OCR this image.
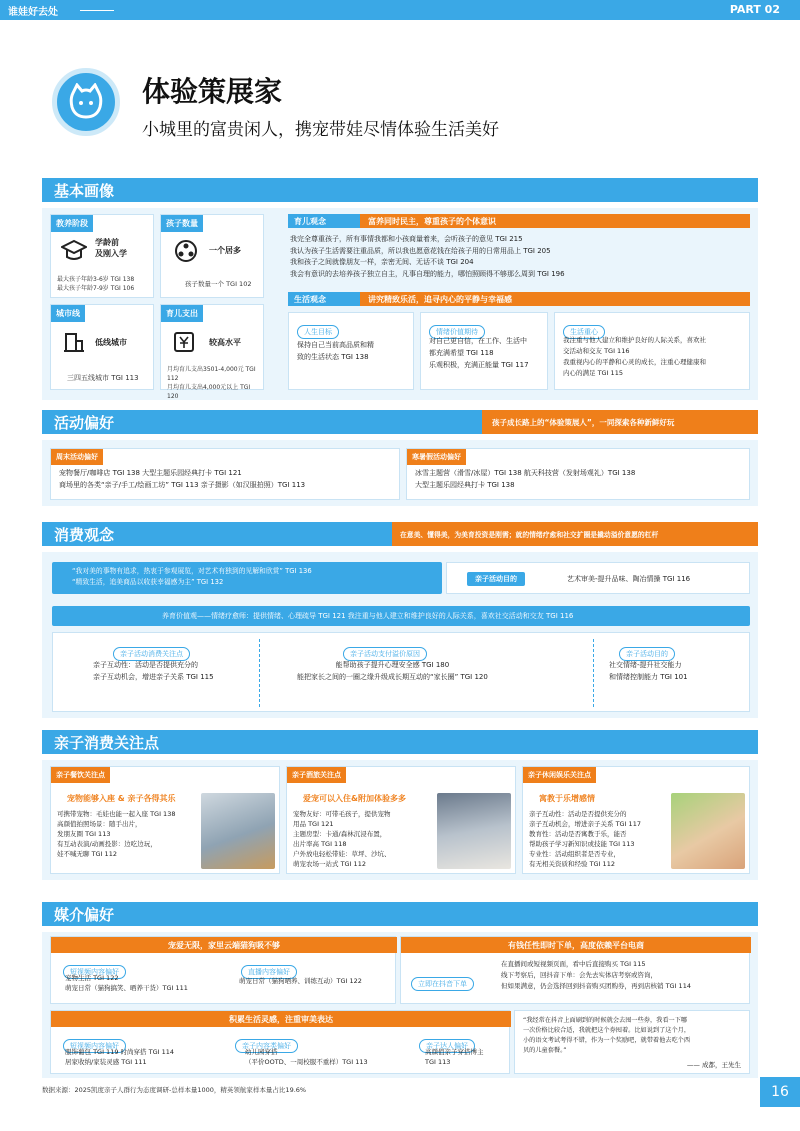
谁娃好去处	PART 02
体验策展家
小城里的富贵闲人，携宠带娃尽情体验生活美好
基本画像
教养阶段
学龄前
及刚入学
最大孩子年龄3-6岁 TGI 138
最大孩子年龄7-9岁 TGI 106
孩子数量
一个居多
孩子数量一个 TGI 102
城市线
低线城市
三四五线城市 TGI 113
育儿支出
较高水平
月均育儿支出3501-4,000元 TGI 112
月均育儿支出4,000元以上 TGI 120
育儿观念	富养同时民主，尊重孩子的个体意识
我完全尊重孩子，所有事情我都和小孩商量着来，会听孩子的意见 TGI 215
我认为孩子生活需要注重品质，所以我也愿意花钱在给孩子用的日常用品上 TGI 205
我和孩子之间就像朋友一样，亲密无间、无话不谈 TGI 204
我会有意识的去培养孩子独立自主，凡事自理的能力，哪怕照顾得不够那么周到 TGI 196
生活观念	讲究精致乐活，追寻内心的平静与幸福感
人生目标
保持自己当前高品质和精
致的生活状态 TGI 138
情绪价值期待
对自己更自信，在工作、生活中
都充满希望 TGI 118
乐观积极，充满正能量 TGI 117
生活重心
我注重与他人建立和维护良好的人际关系，喜欢社
交活动和交友 TGI 116
我重视内心的平静和心灵的成长，注重心理健康和
内心的满足 TGI 115
活动偏好	孩子成长路上的“体验策展人”，一同探索各种新鲜好玩
周末活动偏好
宠物餐厅/咖啡店 TGI 138 大型主题乐园经典打卡 TGI 121
商场里的各类“亲子/手工/绘画工坊” TGI 113 亲子摄影（如汉服拍照）TGI 113
寒暑假活动偏好
冰雪主题营（滑雪/冰屋）TGI 138 航天科技营（发射场观礼）TGI 138
大型主题乐园经典打卡 TGI 138
消费观念	在意美、懂得美，为美育投资是刚需；就的情绪疗愈和社交扩圈是撬动溢价意愿的杠杆
“我对美的事物有追求，热衷于参观展览，对艺术有独到的见解和欣赏” TGI 136
“精致生活，追美商品以收获幸福感为主” TGI 132	亲子活动目的	艺术审美-提升品味、陶冶情操 TGI 116
养育价值观——情绪疗愈师：提供情绪、心理疏导 TGI 121 我注重与他人建立和维护良好的人际关系，喜欢社交活动和交友 TGI 116
亲子活动消费关注点
亲子互动性：活动是否提供充分的
亲子互动机会，增进亲子关系 TGI 115
亲子活动支付溢价原因
能帮助孩子提升心理安全感 TGI 180
能把家长之间的一圈之缘升级成长期互动的“家长圈” TGI 120
亲子活动目的
社交情绪-提升社交能力
和情绪控制能力 TGI 101
亲子消费关注点
亲子餐饮关注点
宠物能够入座 & 亲子各得其乐
可携带宠物：毛娃也能一起入座 TGI 138
高颜值拍照场景：随手出片，
发朋友圈 TGI 113
有互动表演/动画投影：边吃边玩，
娃不喊无聊 TGI 112
亲子酒旅关注点
爱宠可以入住&附加体验多多
宠物友好：可带毛孩子，提供宠物
用品 TGI 121
主题房型：卡通/森林沉浸布置，
出片率高 TGI 118
户外放电轻松带娃：草坪、沙坑、
萌宠农场一站式 TGI 112
亲子休闲娱乐关注点
寓教于乐增感情
亲子互动性：活动是否提供充分的
亲子互动机会，增进亲子关系 TGI 117
教育性：活动是否寓教于乐，能否
帮助孩子学习新知识或技能 TGI 113
专业性：活动组织者是否专业，
有无相关资质和经验 TGI 112
媒介偏好
宠爱无限，家里云端猫狗吸不够
短视频内容偏好
宠物生活 TGI 122
萌宠日常（猫狗搞笑、晒养干货）TGI 111
直播内容偏好
萌宠日常（猫狗晒养、训练互动）TGI 122
有钱任性即时下单，高度依赖平台电商
立即在抖音下单
在直播间或短视频页面，看中后直接购买 TGI 115
线下考察后，回抖音下单：会先去实体店考察或咨询，
但如果满意，仍会选择回到抖音购买团购券，再到店核销 TGI 114
积累生活灵感，注重审美表达
短视频内容偏好
服饰葡包 TGI 119 时尚穿搭 TGI 114
居家收纳/家装灵感 TGI 111
亲子内容类偏好
幼儿园穿搭
（平价OOTD、一周校服不重样）TGI 113
亲子达人偏好
高颜值亲子穿搭博主
TGI 113
“我经常在抖音上面刷到的时候就会去囤一些券，我看一下哪
一次价格比较合适，我就把这个券囤着。比如说到了这个月，
小的语文考试考得不错，作为一个奖励吧，就带着他去吃个西
贝的儿童套餐。”
—— 成都，王先生
数据来源：2025凯度亲子人群行为态度调研-总样本量1000，精英领航家样本量占比19.6%	16
